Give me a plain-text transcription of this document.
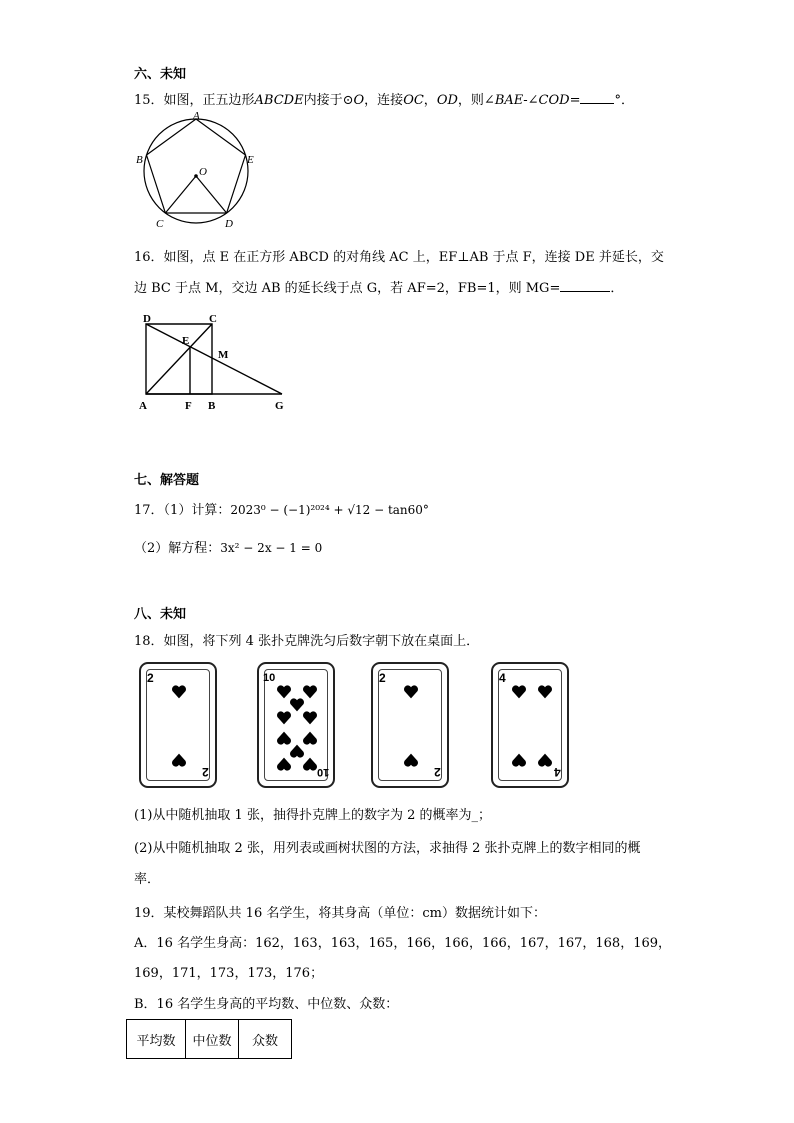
六、未知
15．如图，正五边形ABCDE内接于⊙O，连接OC，OD，则∠BAE-∠COD=	°．
A
B
C	D
E
O
16．如图，点 E 在正方形 ABCD 的对角线 AC 上，EF⊥AB 于点 F，连接 DE 并延长，交
边 BC 于点 M，交边 AB 的延长线于点 G，若 AF=2，FB=1，则 MG=	．
D	C
E
M
A	F B	G
七、解答题
17．（1）计算：2023⁰ − (−1)²⁰²⁴ + √12 − tan60°
（2）解方程：3x² − 2x − 1 = 0
八、未知
18．如图，将下列 4 张扑克牌洗匀后数字朝下放在桌面上．
2
2
10
10
2
2
4
4
(1)从中随机抽取 1 张，抽得扑克牌上的数字为 2 的概率为_；
(2)从中随机抽取 2 张，用列表或画树状图的方法，求抽得 2 张扑克牌上的数字相同的概
率．
19．某校舞蹈队共 16 名学生，将其身高（单位：cm）数据统计如下：
A．16 名学生身高：162，163，163，165，166，166，166，167，167，168，169，
169，171，173，173，176；
B．16 名学生身高的平均数、中位数、众数：
平均数	中位数	众数
